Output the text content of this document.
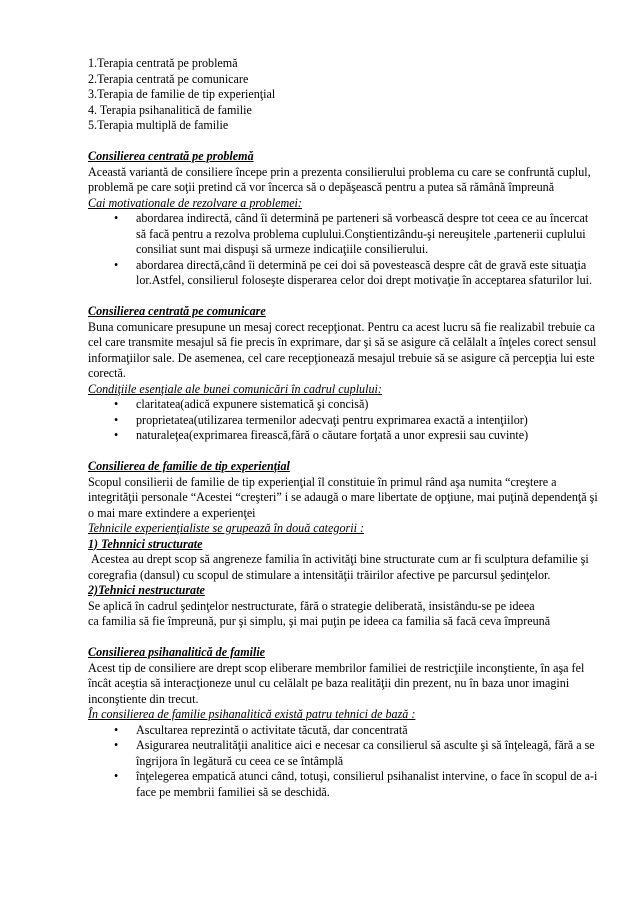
1.Terapia centrată pe problemă

2.Terapia centrată pe comunicare

3.Terapia de familie de tip experienţial

4. Terapia psihanalitică de familie

5.Terapia multiplă de familie

Consilierea centrată pe problemă

Această variantă de consiliere începe prin a prezenta consilierului problema cu care se confruntă cuplul, problemă pe care soţii pretind că vor încerca să o depăşească pentru a putea să rămână împreună

Cai motivationale de rezolvare a problemei:

• abordarea indirectă, când îi determină pe parteneri să vorbească despre tot ceea ce au încercat să facă pentru a rezolva problema cuplului.Conştientizându-şi nereuşitele ,partenerii cuplului consiliat sunt mai dispuşi să urmeze indicaţiile consilierului.
• abordarea directă,când îi determină pe cei doi să povestească despre cât de gravă este situaţia lor.Astfel, consilierul foloseşte disperarea celor doi drept motivaţie în acceptarea sfaturilor lui.

Consilierea centrată pe comunicare

Buna comunicare presupune un mesaj corect recepţionat. Pentru ca acest lucru să fie realizabil trebuie ca cel care transmite mesajul să fie precis în exprimare, dar şi să se asigure că celălalt a înţeles corect sensul informaţiilor sale. De asemenea, cel care recepţionează mesajul trebuie să se asigure că percepţia lui este corectă.

Condiţiile esenţiale ale bunei comunicări în cadrul cuplului:

• claritatea(adică expunere sistematică şi concisă)
• proprietatea(utilizarea termenilor adecvaţi pentru exprimarea exactă a intenţiilor)
• naturaleţea(exprimarea firească,fără o căutare forţată a unor expresii sau cuvinte)

Consilierea de familie de tip experienţial

Scopul consilierii de familie de tip experienţial îl constituie în primul rând aşa numita “creştere a integrităţii personale “Acestei “creşteri” i se adaugă o mare libertate de opţiune, mai puţină dependenţă şi o mai mare extindere a experienţei

Tehnicile experienţialiste se grupează în două categorii :

1) Tehnnici structurate

Acestea au drept scop să angreneze familia în activităţi bine structurate cum ar fi sculptura defamilie şi coregrafia (dansul) cu scopul de stimulare a intensităţii trăirilor afective pe parcursul şedinţelor.

2)Tehnici nestructurate

Se aplică în cadrul şedinţelor nestructurate, fără o strategie deliberată, insistându-se pe ideea

ca familia să fie împreună, pur şi simplu, şi mai puţin pe ideea ca familia să facă ceva împreună

Consilierea psihanalitică de familie

Acest tip de consiliere are drept scop eliberare membrilor familiei de restricţiile inconştiente, în aşa fel încât aceştia să interacţioneze unul cu celălalt pe baza realităţii din prezent, nu în baza unor imagini inconştiente din trecut.

În consilierea de familie psihanalitică există patru tehnici de bază :

• Ascultarea reprezintă o activitate tăcută, dar concentrată
• Asigurarea neutralităţii analitice aici e necesar ca consilierul să asculte şi să înţeleagă, fără a se îngrijora în legătură cu ceea ce se întâmplă
• înţelegerea empatică atunci când, totuşi, consilierul psihanalist intervine, o face în scopul de a-i face pe membrii familiei să se deschidă.
